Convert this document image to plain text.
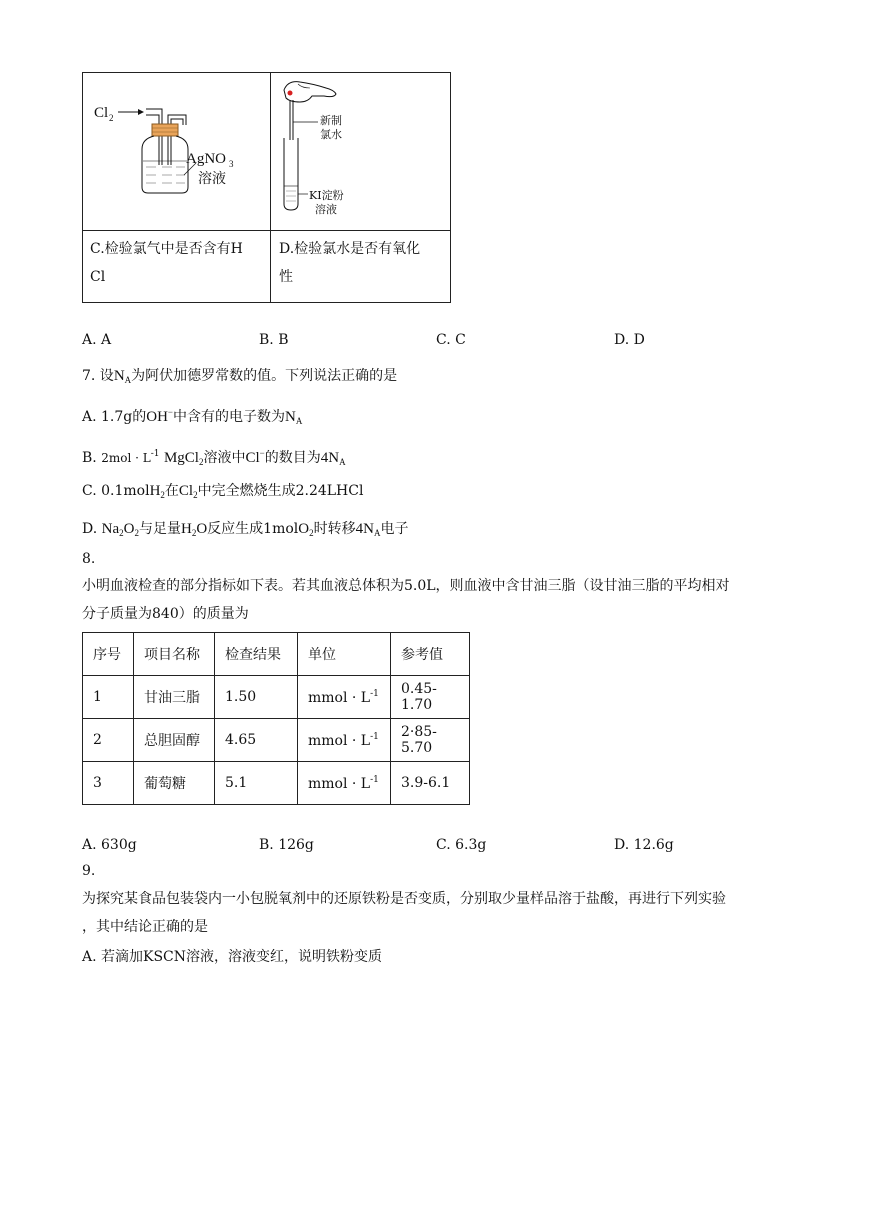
Cl 2
AgNO 3
溶液
新制
氯水
KI淀粉
溶液
C.检验氯气中是否含有H
Cl
D.检验氯水是否有氧化
性
A. A	B. B	C. C	D. D
7. 设$N_A$为阿伏加德罗常数的值。下列说法正确的是
A. 1.7g的OH−中含有的电子数为$N_A$
B. $2mol \cdot L^{-1}$ MgCl$_2$溶液中Cl−的数目为$4N_A$
C. 0.1molH$_2$在$Cl_2$中完全燃烧生成2.24LHCl
D. $Na_2O_2$与足量$H_2O$反应生成1molO$_2$时转移$4N_A$电子
8.
小明血液检查的部分指标如下表。若其血液总体积为5.0L，则血液中含甘油三脂（设甘油三脂的平均相对
分子质量为840）的质量为
序号	项目名称	检查结果	单位	参考值
1	甘油三脂	1.50	mmol · $L^{-1}$	0.45-1.70
2	总胆固醇	4.65	mmol · $L^{-1}$	2·85-5.70
3	葡萄糖	5.1	mmol · $L^{-1}$	3.9-6.1
A. 630g	B. 126g	C. 6.3g	D. 12.6g
9.
为探究某食品包装袋内一小包脱氧剂中的还原铁粉是否变质，分别取少量样品溶于盐酸，再进行下列实验
，其中结论正确的是
A. 若滴加KSCN溶液，溶液变红，说明铁粉变质
